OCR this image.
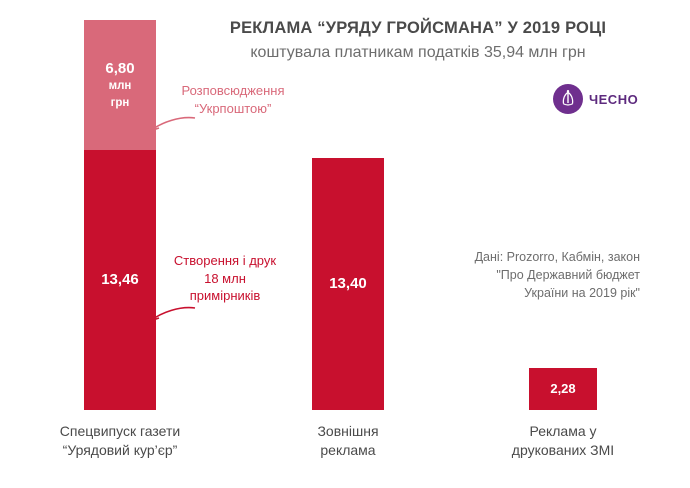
РЕКЛАМА “УРЯДУ ГРОЙСМАНА” У 2019 РОЦІ
коштувала платникам податків 35,94 млн грн
ЧЕСНО
6,80
млн
грн
13,46	13,40
2,28
Спецвипуск газети
“Урядовий кур’єр”
Зовнішня
реклама
Реклама у
друкованих ЗМІ
Розповсюдження “Укрпоштою”
Створення і друк 18 млн примірників
Дані: Prozorro, Кабмін, закон "Про Державний бюджет України на 2019 рік"
